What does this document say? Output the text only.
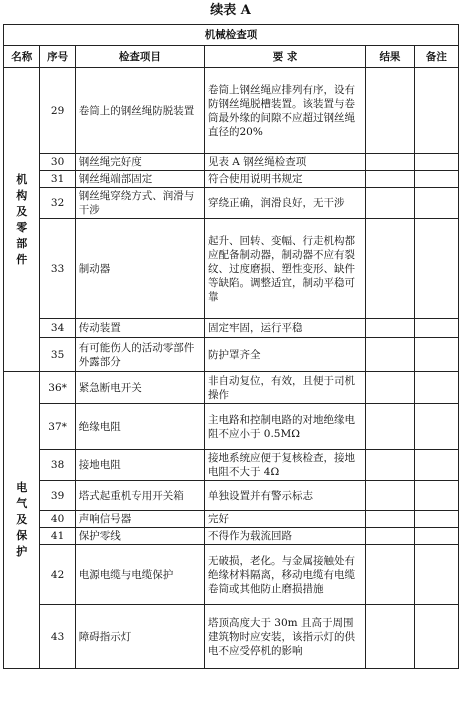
续表 A
机械检查项					
名称	序号	检查项目	要 求	结果	备注

机构及零部件	29	卷筒上的钢丝绳防脱装置	卷筒上钢丝绳应排列有序，设有防钢丝绳脱槽装置。该装置与卷筒最外缘的间隙不应超过钢丝绳直径的20%		
	30	钢丝绳完好度	见表 A 钢丝绳检查项		
	31	钢丝绳端部固定	符合使用说明书规定		
	32	钢丝绳穿绕方式、润滑与干涉	穿绕正确，润滑良好，无干涉		
	33	制动器	起升、回转、变幅、行走机构都应配备制动器，制动器不应有裂纹、过度磨损、塑性变形、缺件等缺陷。调整适宜，制动平稳可靠		
	34	传动装置	固定牢固，运行平稳		
	35	有可能伤人的活动零部件外露部分	防护罩齐全		

电气及保护	36*	紧急断电开关	非自动复位，有效，且便于司机操作		
	37*	绝缘电阻	主电路和控制电路的对地绝缘电阻不应小于 0.5MΩ		
	38	接地电阻	接地系统应便于复核检查，接地电阻不大于 4Ω		
	39	塔式起重机专用开关箱	单独设置并有警示标志		
	40	声响信号器	完好		
	41	保护零线	不得作为载流回路		
	42	电源电缆与电缆保护	无破损，老化。与金属接触处有绝缘材料隔离，移动电缆有电缆卷筒或其他防止磨损措施		
	43	障碍指示灯	塔顶高度大于 30m 且高于周围建筑物时应安装，该指示灯的供电不应受停机的影响		
